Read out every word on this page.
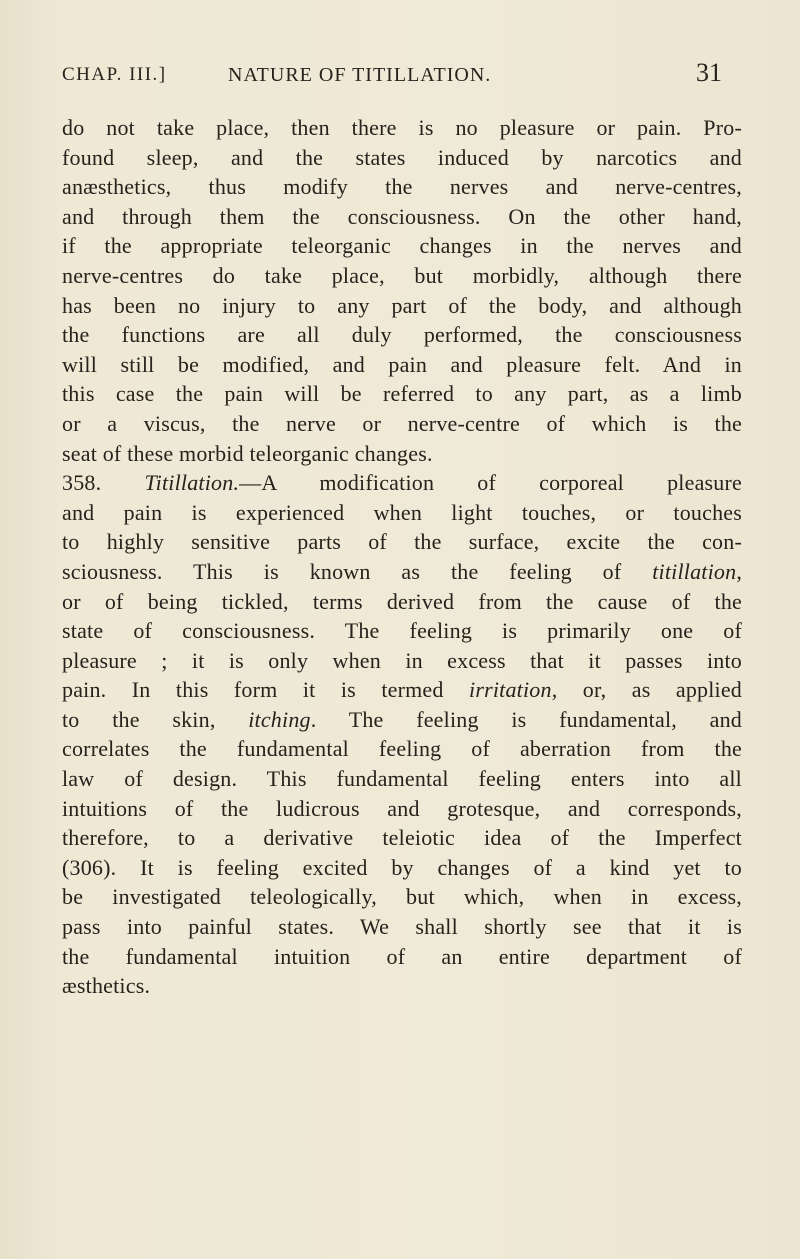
CHAP. III.]	NATURE OF TITILLATION.	31
do not take place, then there is no pleasure or pain. Pro-
found sleep, and the states induced by narcotics and
anæsthetics, thus modify the nerves and nerve-centres,
and through them the consciousness. On the other hand,
if the appropriate teleorganic changes in the nerves and
nerve-centres do take place, but morbidly, although there
has been no injury to any part of the body, and although
the functions are all duly performed, the consciousness
will still be modified, and pain and pleasure felt. And in
this case the pain will be referred to any part, as a limb
or a viscus, the nerve or nerve-centre of which is the
seat of these morbid teleorganic changes.
358. Titillation.—A modification of corporeal pleasure
and pain is experienced when light touches, or touches
to highly sensitive parts of the surface, excite the con-
sciousness. This is known as the feeling of titillation,
or of being tickled, terms derived from the cause of the
state of consciousness. The feeling is primarily one of
pleasure ; it is only when in excess that it passes into
pain. In this form it is termed irritation, or, as applied
to the skin, itching. The feeling is fundamental, and
correlates the fundamental feeling of aberration from the
law of design. This fundamental feeling enters into all
intuitions of the ludicrous and grotesque, and corresponds,
therefore, to a derivative teleiotic idea of the Imperfect
(306). It is feeling excited by changes of a kind yet to
be investigated teleologically, but which, when in excess,
pass into painful states. We shall shortly see that it is
the fundamental intuition of an entire department of
æsthetics.
